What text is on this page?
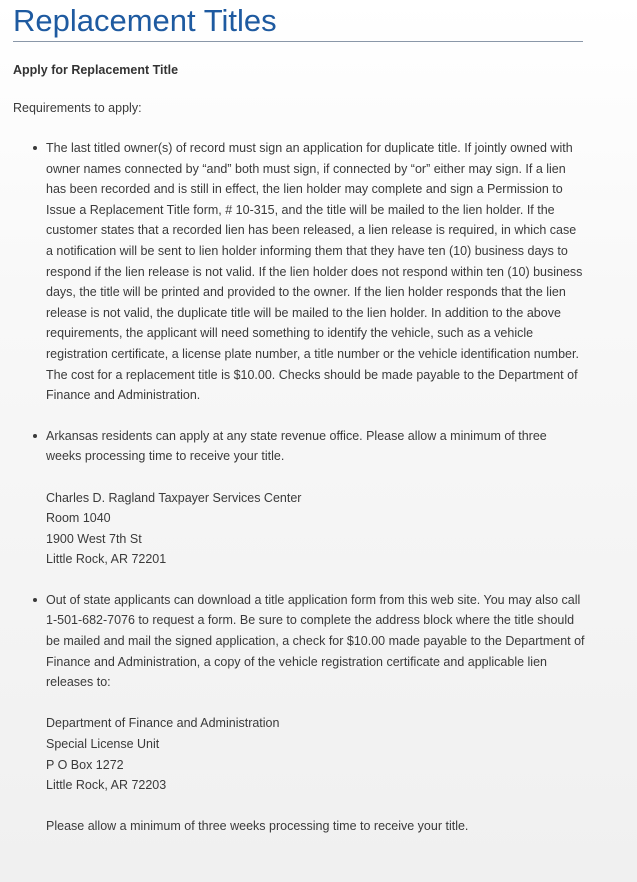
Replacement Titles

Apply for Replacement Title

Requirements to apply:

The last titled owner(s) of record must sign an application for duplicate title. If jointly owned with owner names connected by “and” both must sign, if connected by “or” either may sign. If a lien has been recorded and is still in effect, the lien holder may complete and sign a Permission to Issue a Replacement Title form, # 10-315, and the title will be mailed to the lien holder. If the customer states that a recorded lien has been released, a lien release is required, in which case a notification will be sent to lien holder informing them that they have ten (10) business days to respond if the lien release is not valid. If the lien holder does not respond within ten (10) business days, the title will be printed and provided to the owner. If the lien holder responds that the lien release is not valid, the duplicate title will be mailed to the lien holder. In addition to the above requirements, the applicant will need something to identify the vehicle, such as a vehicle registration certificate, a license plate number, a title number or the vehicle identification number. The cost for a replacement title is $10.00. Checks should be made payable to the Department of Finance and Administration.

Arkansas residents can apply at any state revenue office. Please allow a minimum of three weeks processing time to receive your title.

Charles D. Ragland Taxpayer Services Center
Room 1040
1900 West 7th St
Little Rock, AR 72201

Out of state applicants can download a title application form from this web site. You may also call 1-501-682-7076 to request a form. Be sure to complete the address block where the title should be mailed and mail the signed application, a check for $10.00 made payable to the Department of Finance and Administration, a copy of the vehicle registration certificate and applicable lien releases to:

Department of Finance and Administration
Special License Unit
P O Box 1272
Little Rock, AR 72203

Please allow a minimum of three weeks processing time to receive your title.
